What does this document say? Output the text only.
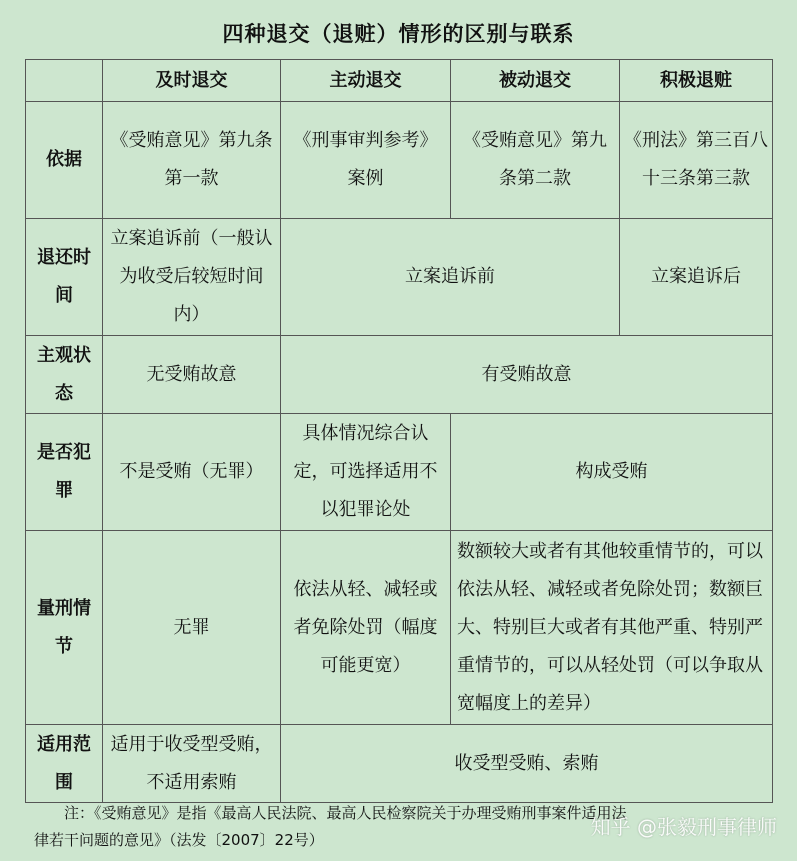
四种退交（退赃）情形的区别与联系
	及时退交	主动退交	被动退交	积极退赃
依据	《受贿意见》第九条第一款	《刑事审判参考》案例	《受贿意见》第九条第二款	《刑法》第三百八十三条第三款
退还时间	立案追诉前（一般认为收受后较短时间内）	立案追诉前		立案追诉后
主观状态	无受贿故意	有受贿故意		
是否犯罪	不是受贿（无罪）	具体情况综合认定，可选择适用不以犯罪论处	构成受贿	
量刑情节	无罪	依法从轻、减轻或者免除处罚（幅度可能更宽）	数额较大或者有其他较重情节的，可以依法从轻、减轻或者免除处罚；数额巨大、特别巨大或者有其他严重、特别严重情节的，可以从轻处罚（可以争取从宽幅度上的差异）	
适用范围	适用于收受型受贿，不适用索贿	收受型受贿、索贿		
注：《受贿意见》是指《最高人民法院、最高人民检察院关于办理受贿刑事案件适用法
律若干问题的意见》（法发〔2007〕22号）
知乎 @张毅刑事律师
